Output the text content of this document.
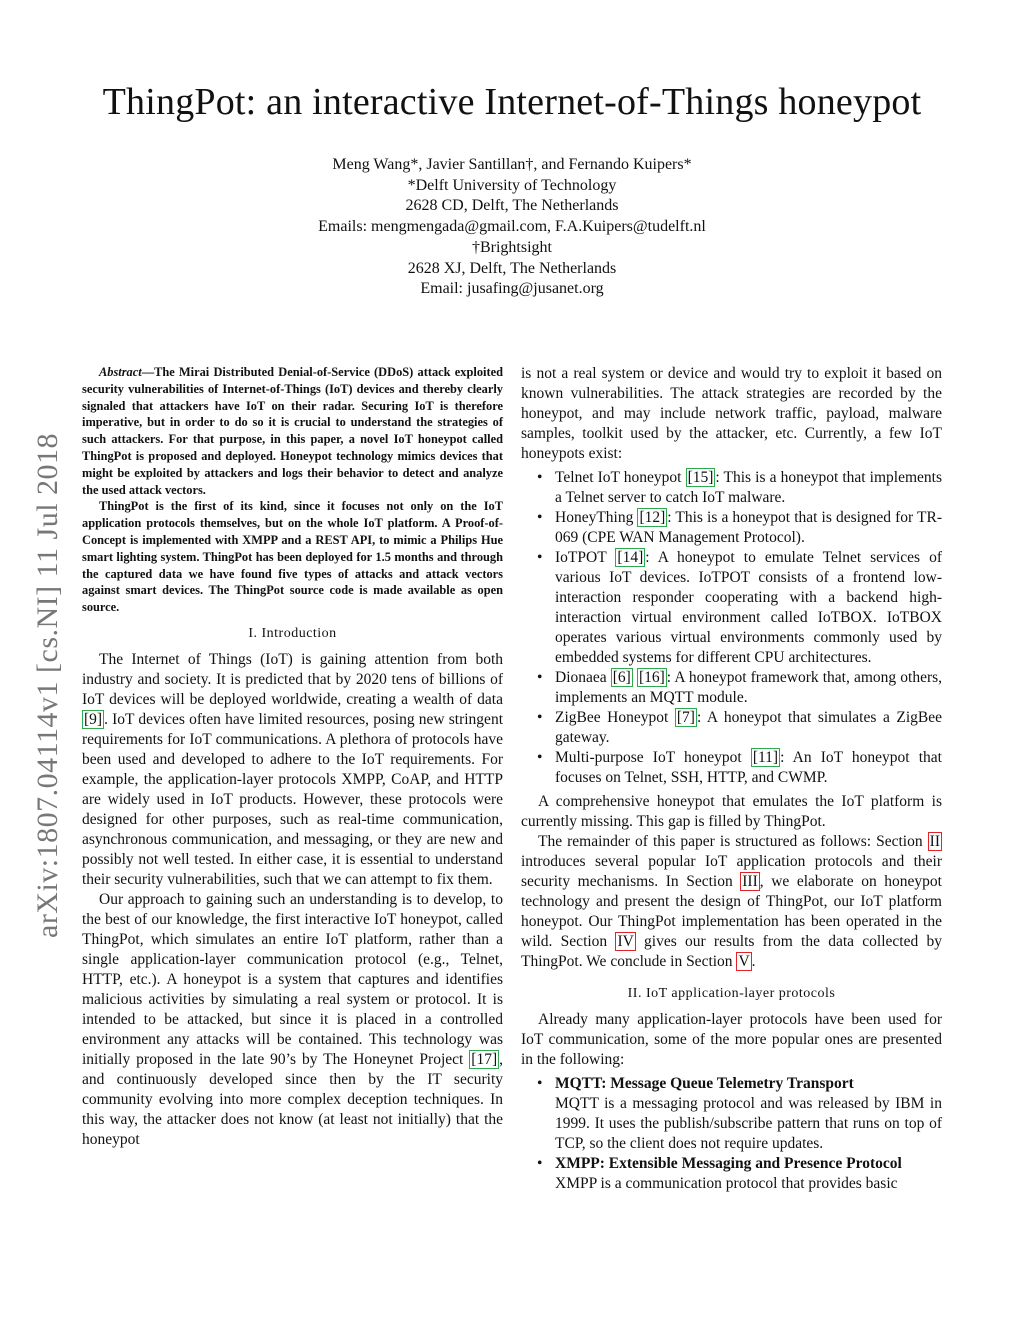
ThingPot: an interactive Internet-of-Things honeypot
Meng Wang*, Javier Santillan†, and Fernando Kuipers*
*Delft University of Technology
2628 CD, Delft, The Netherlands
Emails: mengmengada@gmail.com, F.A.Kuipers@tudelft.nl
†Brightsight
2628 XJ, Delft, The Netherlands
Email: jusafing@jusanet.org
arXiv:1807.04114v1 [cs.NI] 11 Jul 2018

Abstract—The Mirai Distributed Denial-of-Service (DDoS) attack exploited security vulnerabilities of Internet-of-Things (IoT) devices and thereby clearly signaled that attackers have IoT on their radar. Securing IoT is therefore imperative, but in order to do so it is crucial to understand the strategies of such attackers. For that purpose, in this paper, a novel IoT honeypot called ThingPot is proposed and deployed. Honeypot technology mimics devices that might be exploited by attackers and logs their behavior to detect and analyze the used attack vectors.

ThingPot is the first of its kind, since it focuses not only on the IoT application protocols themselves, but on the whole IoT platform. A Proof-of-Concept is implemented with XMPP and a REST API, to mimic a Philips Hue smart lighting system. ThingPot has been deployed for 1.5 months and through the captured data we have found five types of attacks and attack vectors against smart devices. The ThingPot source code is made available as open source.

I. Introduction

The Internet of Things (IoT) is gaining attention from both industry and society. It is predicted that by 2020 tens of billions of IoT devices will be deployed worldwide, creating a wealth of data [9] . IoT devices often have limited resources, posing new stringent requirements for IoT communications. A plethora of protocols have been used and developed to adhere to the IoT requirements. For example, the application-layer protocols XMPP, CoAP, and HTTP are widely used in IoT products. However, these protocols were designed for other purposes, such as real-time communication, asynchronous communication, and messaging, or they are new and possibly not well tested. In either case, it is essential to understand their security vulnerabilities, such that we can attempt to fix them.

Our approach to gaining such an understanding is to develop, to the best of our knowledge, the first interactive IoT honeypot, called ThingPot, which simulates an entire IoT platform, rather than a single application-layer communication protocol (e.g., Telnet, HTTP, etc.). A honeypot is a system that captures and identifies malicious activities by simulating a real system or protocol. It is intended to be attacked, but since it is placed in a controlled environment any attacks will be contained. This technology was initially proposed in the late 90’s by The Honeynet Project [17] , and continuously developed since then by the IT security community evolving into more complex deception techniques. In this way, the attacker does not know (at least not initially) that the honeypot

is not a real system or device and would try to exploit it based on known vulnerabilities. The attack strategies are recorded by the honeypot, and may include network traffic, payload, malware samples, toolkit used by the attacker, etc. Currently, a few IoT honeypots exist:

• Telnet IoT honeypot [15] : This is a honeypot that implements a Telnet server to catch IoT malware.
• HoneyThing [12] : This is a honeypot that is designed for TR-069 (CPE WAN Management Protocol).
• IoTPOT [14] : A honeypot to emulate Telnet services of various IoT devices. IoTPOT consists of a frontend low-interaction responder cooperating with a backend high-interaction virtual environment called IoTBOX. IoTBOX operates various virtual environments commonly used by embedded systems for different CPU architectures.
• Dionaea [6] [16] : A honeypot framework that, among others, implements an MQTT module.
• ZigBee Honeypot [7] : A honeypot that simulates a ZigBee gateway.
• Multi-purpose IoT honeypot [11] : An IoT honeypot that focuses on Telnet, SSH, HTTP, and CWMP.

A comprehensive honeypot that emulates the IoT platform is currently missing. This gap is filled by ThingPot.

The remainder of this paper is structured as follows: Section II introduces several popular IoT application protocols and their security mechanisms. In Section III , we elaborate on honeypot technology and present the design of ThingPot, our IoT platform honeypot. Our ThingPot implementation has been operated in the wild. Section IV gives our results from the data collected by ThingPot. We conclude in Section V .

II. IoT application-layer protocols

Already many application-layer protocols have been used for IoT communication, some of the more popular ones are presented in the following:

• MQTT: Message Queue Telemetry Transport
MQTT is a messaging protocol and was released by IBM in 1999. It uses the publish/subscribe pattern that runs on top of TCP, so the client does not require updates.
• XMPP: Extensible Messaging and Presence Protocol
XMPP is a communication protocol that provides basic
